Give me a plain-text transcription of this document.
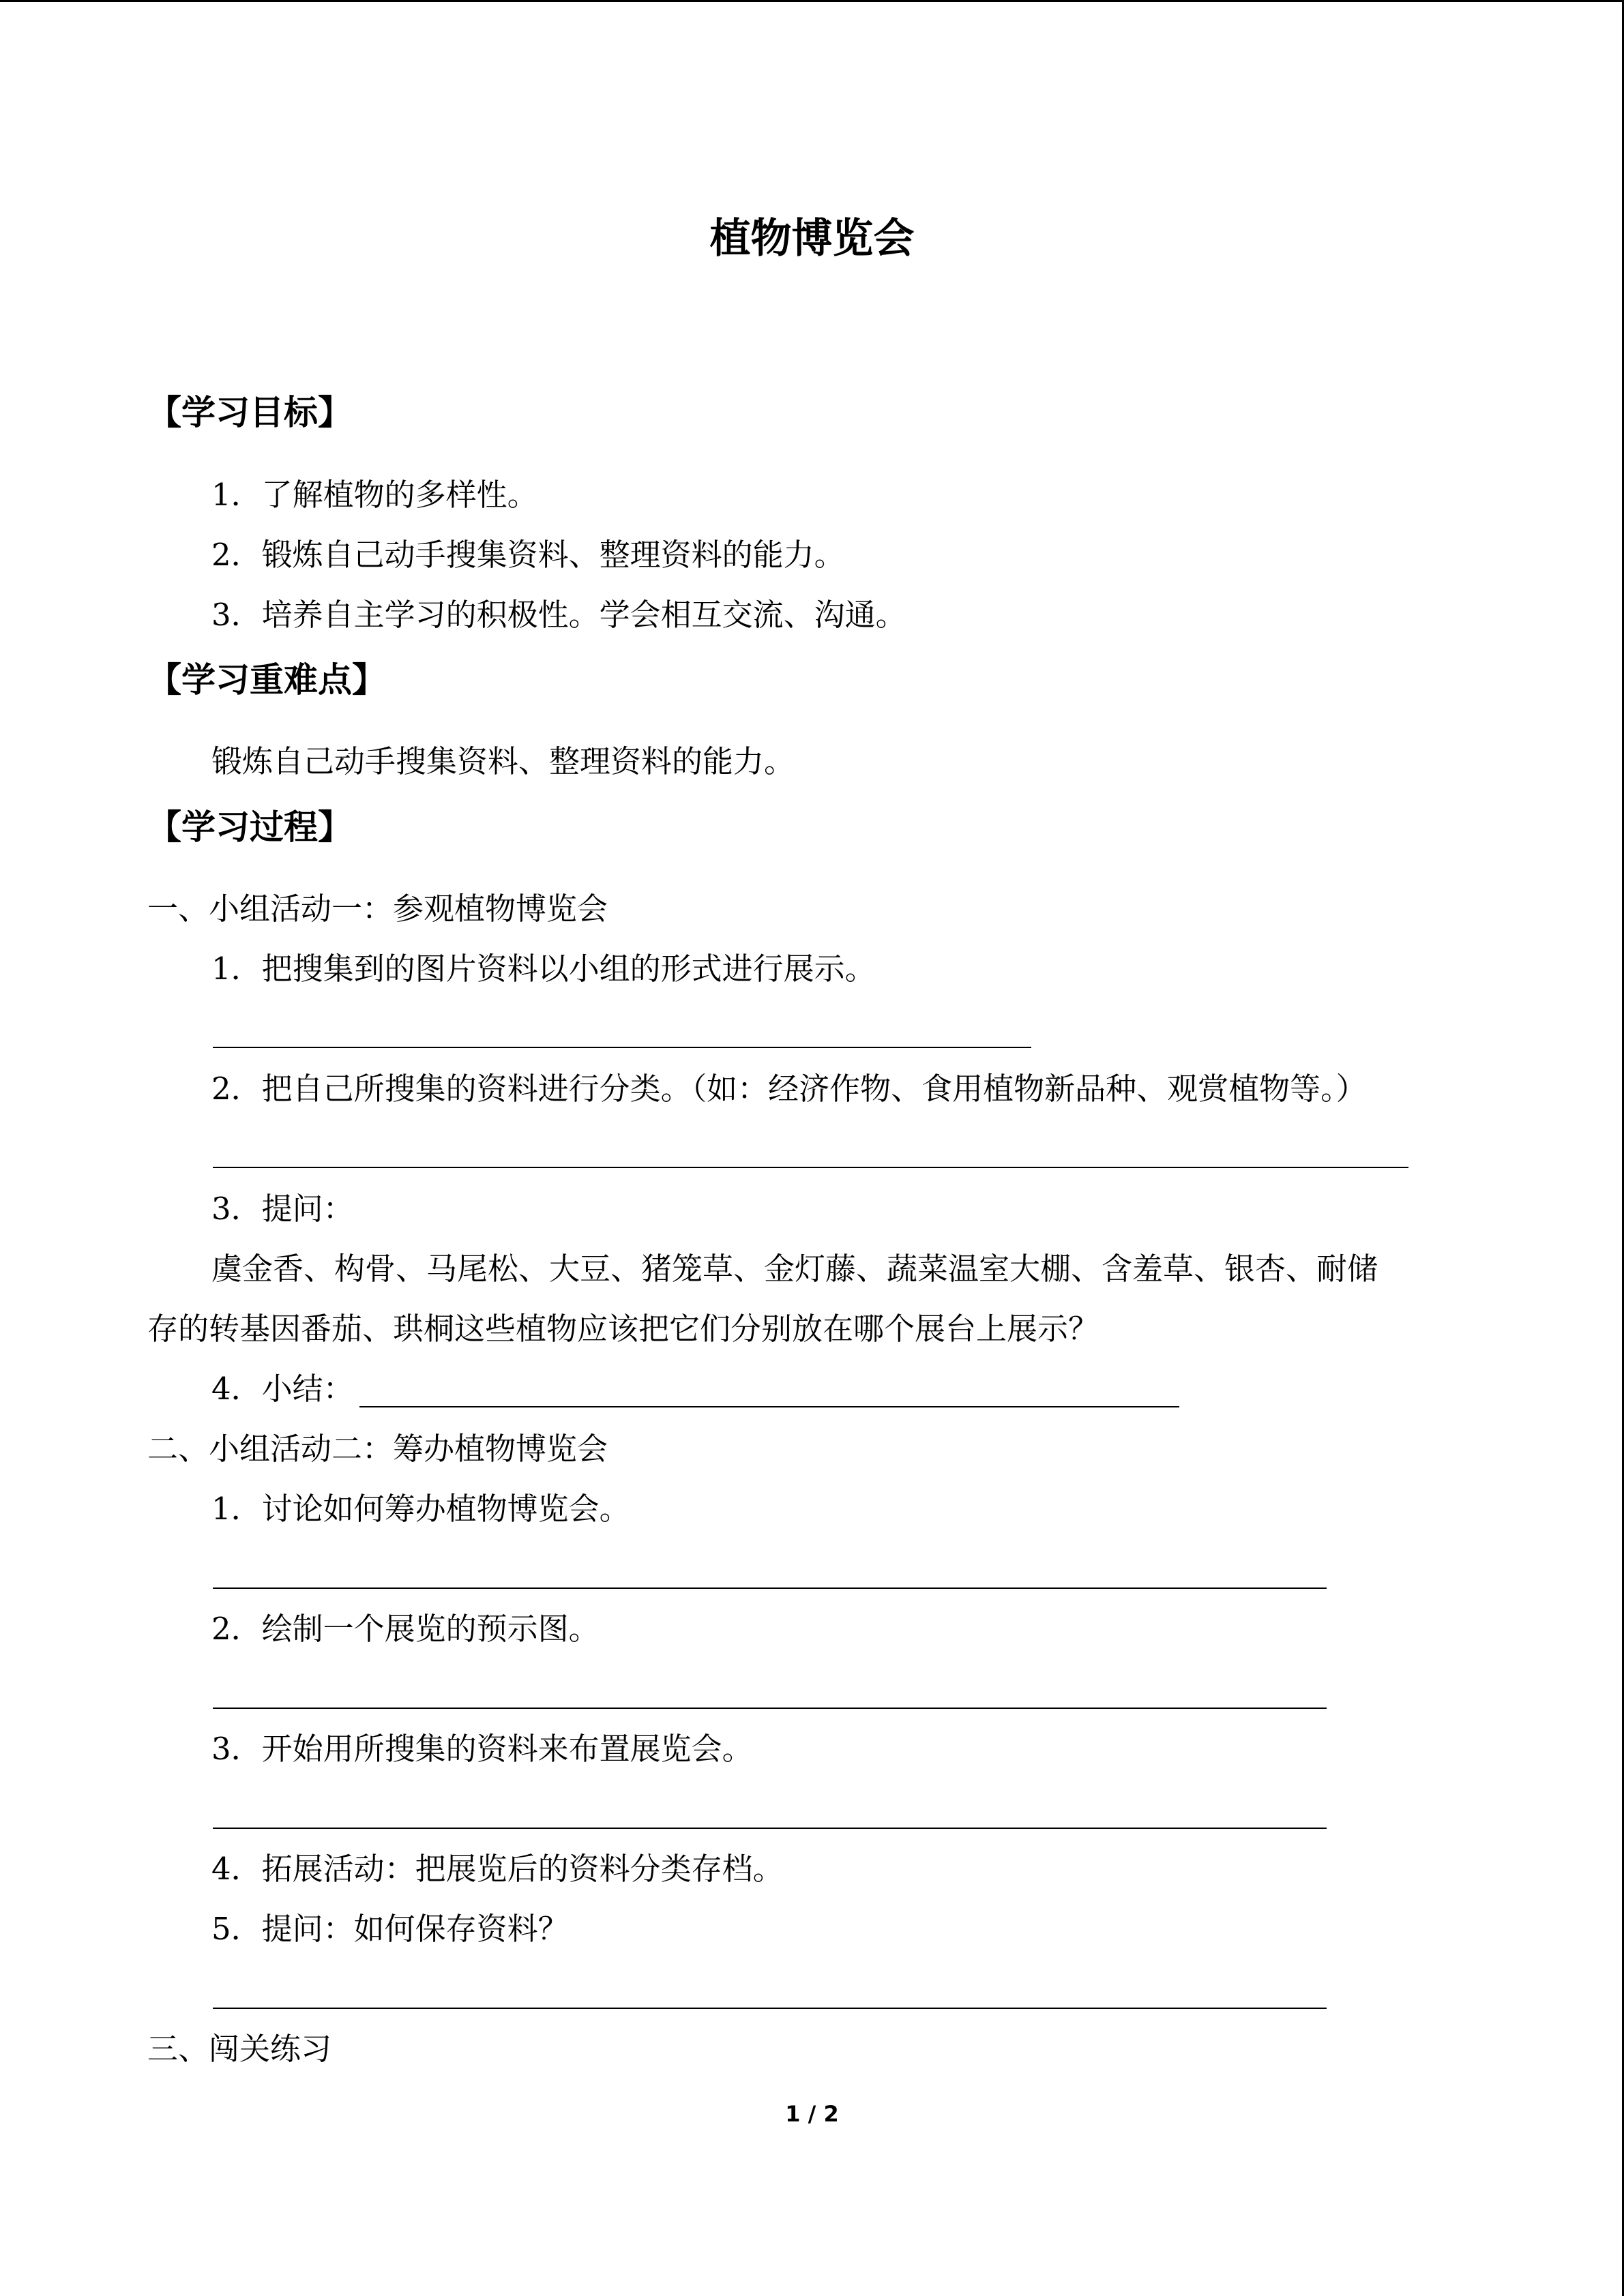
植物博览会
【学习目标】
1．了解植物的多样性。
2．锻炼自己动手搜集资料、整理资料的能力。
3．培养自主学习的积极性。学会相互交流、沟通。
【学习重难点】
锻炼自己动手搜集资料、整理资料的能力。
【学习过程】
一、小组活动一：参观植物博览会
1．把搜集到的图片资料以小组的形式进行展示。
2．把自己所搜集的资料进行分类。（如：经济作物、食用植物新品种、观赏植物等。）
3．提问：
虞金香、构骨、马尾松、大豆、猪笼草、金灯藤、蔬菜温室大棚、含羞草、银杏、耐储
存的转基因番茄、珙桐这些植物应该把它们分别放在哪个展台上展示？
4．小结：
二、小组活动二：筹办植物博览会
1．讨论如何筹办植物博览会。
2．绘制一个展览的预示图。
3．开始用所搜集的资料来布置展览会。
4．拓展活动：把展览后的资料分类存档。
5．提问：如何保存资料？
三、闯关练习
1 / 2
